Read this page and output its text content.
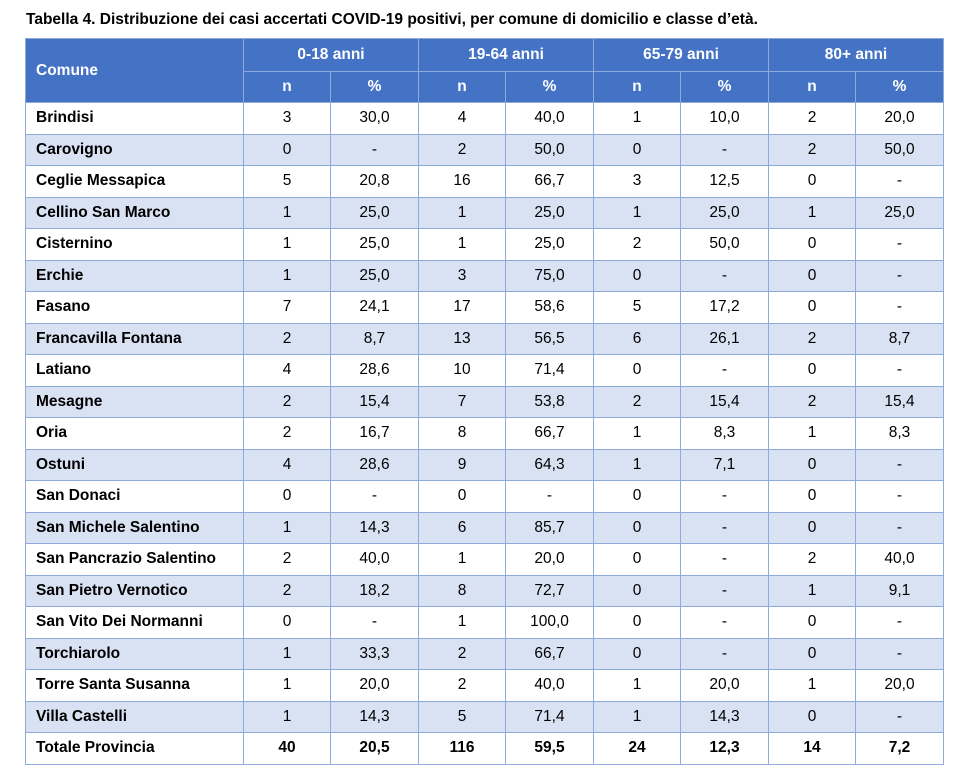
Tabella 4. Distribuzione dei casi accertati COVID-19 positivi, per comune di domicilio e classe d’età.
Comune	0-18 anni		19-64 anni		65-79 anni		80+ anni	
	n	%	n	%	n	%	n	%
Brindisi	3	30,0	4	40,0	1	10,0	2	20,0
Carovigno	0	-	2	50,0	0	-	2	50,0
Ceglie Messapica	5	20,8	16	66,7	3	12,5	0	-
Cellino San Marco	1	25,0	1	25,0	1	25,0	1	25,0
Cisternino	1	25,0	1	25,0	2	50,0	0	-
Erchie	1	25,0	3	75,0	0	-	0	-
Fasano	7	24,1	17	58,6	5	17,2	0	-
Francavilla Fontana	2	8,7	13	56,5	6	26,1	2	8,7
Latiano	4	28,6	10	71,4	0	-	0	-
Mesagne	2	15,4	7	53,8	2	15,4	2	15,4
Oria	2	16,7	8	66,7	1	8,3	1	8,3
Ostuni	4	28,6	9	64,3	1	7,1	0	-
San Donaci	0	-	0	-	0	-	0	-
San Michele Salentino	1	14,3	6	85,7	0	-	0	-
San Pancrazio Salentino	2	40,0	1	20,0	0	-	2	40,0
San Pietro Vernotico	2	18,2	8	72,7	0	-	1	9,1
San Vito Dei Normanni	0	-	1	100,0	0	-	0	-
Torchiarolo	1	33,3	2	66,7	0	-	0	-
Torre Santa Susanna	1	20,0	2	40,0	1	20,0	1	20,0
Villa Castelli	1	14,3	5	71,4	1	14,3	0	-
Totale Provincia	40	20,5	116	59,5	24	12,3	14	7,2
